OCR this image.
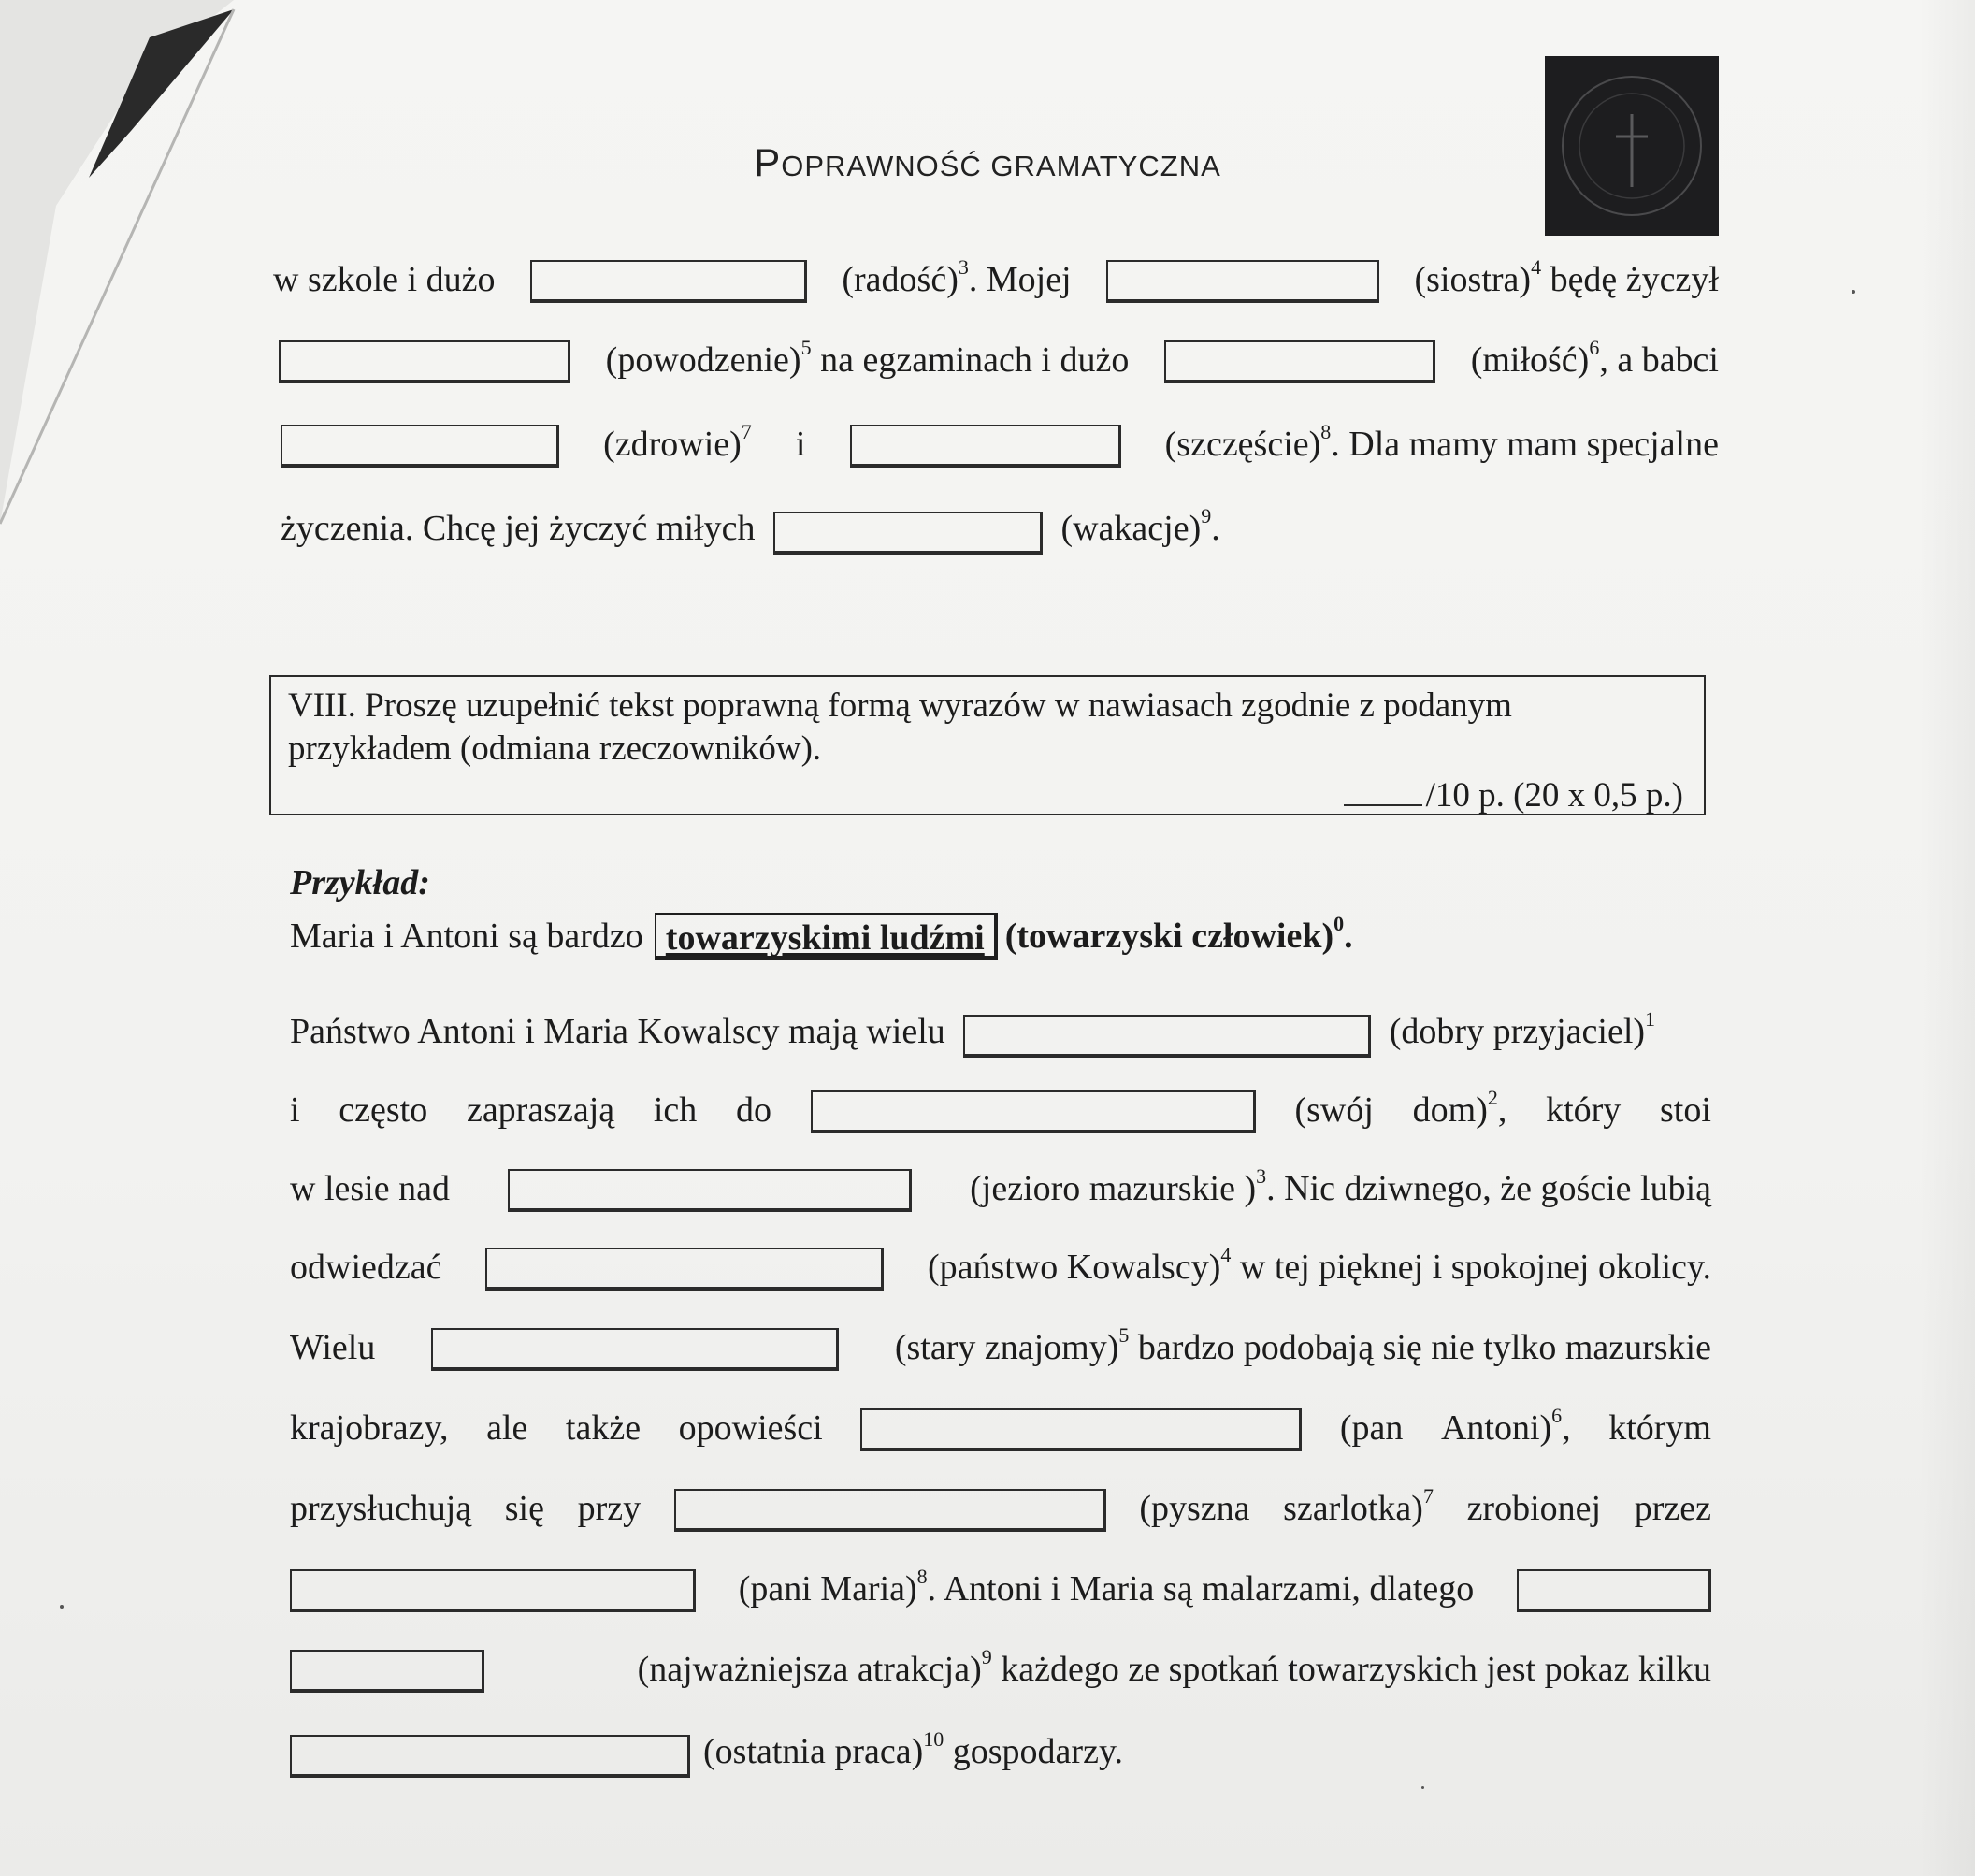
POPRAWNOŚĆ GRAMATYCZNA
w szkole i dużo	(radość)$^3$. Mojej	(siostra)$^4$ będę życzył
(powodzenie)$^5$ na egzaminach i dużo	(miłość)$^6$, a babci
(zdrowie)$^7$ i	(szczęście)$^8$. Dla mamy mam specjalne
życzenia. Chcę jej życzyć miłych	(wakacje)$^9$.
VIII. Proszę uzupełnić tekst poprawną formą wyrazów w nawiasach zgodnie z podanym
przykładem (odmiana rzeczowników).
/10 p. (20 x 0,5 p.)
Przykład:
Maria i Antoni są bardzo towarzyskimi ludźmi (towarzyski człowiek)$^0$.
Państwo Antoni i Maria Kowalscy mają wielu	(dobry przyjaciel)$^1$
i często zapraszają ich do	(swój dom)$^2$, który stoi
w lesie nad	(jezioro mazurskie )$^3$. Nic dziwnego, że goście lubią
odwiedzać	(państwo Kowalscy)$^4$ w tej pięknej i spokojnej okolicy.
Wielu	(stary znajomy)$^5$ bardzo podobają się nie tylko mazurskie
krajobrazy, ale także opowieści	(pan Antoni)$^6$, którym
przysłuchują się przy	(pyszna szarlotka)$^7$ zrobionej przez
(pani Maria)$^8$. Antoni i Maria są malarzami, dlatego
(najważniejsza atrakcja)$^9$ każdego ze spotkań towarzyskich jest pokaz kilku
(ostatnia praca)$^{10}$ gospodarzy.
